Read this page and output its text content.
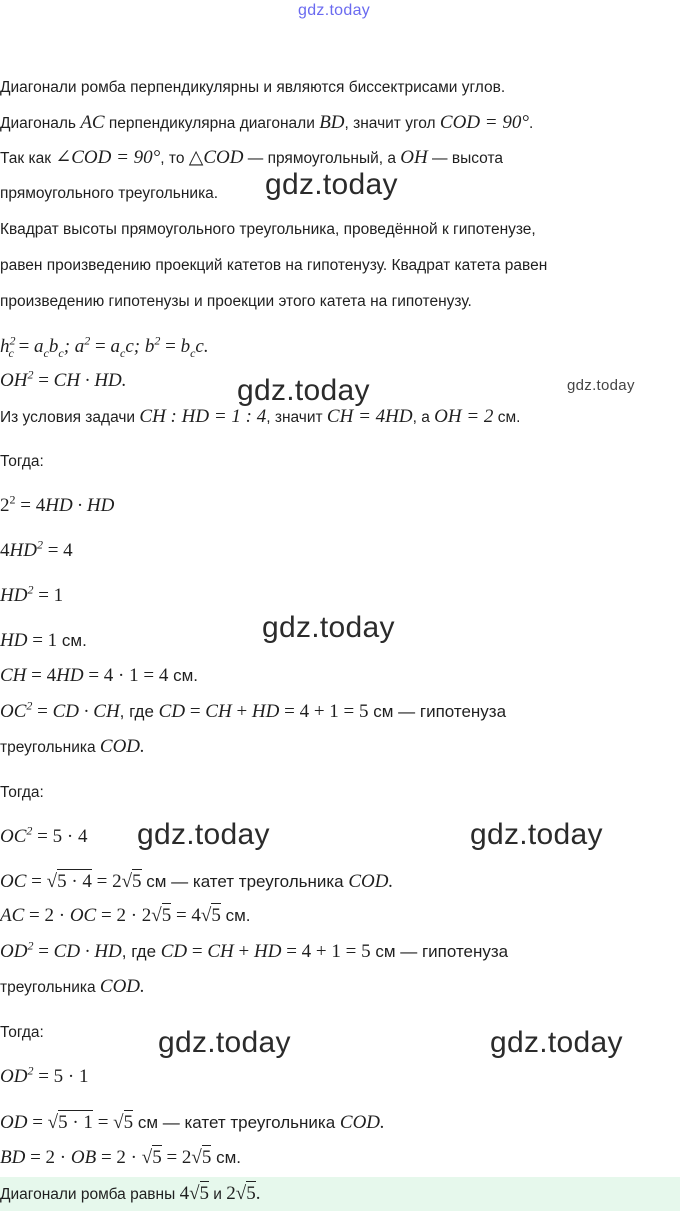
gdz.today
Диагонали ромба перпендикулярны и являются биссектрисами углов.
Диагональ AC перпендикулярна диагонали BD, значит угол COD = 90°.
Так как ∠COD = 90°, то △COD — прямоугольный, а OH — высота
прямоугольного треугольника.	gdz.today
Квадрат высоты прямоугольного треугольника, проведённой к гипотенузе,
равен произведению проекций катетов на гипотенузу. Квадрат катета равен
произведению гипотенузы и проекции этого катета на гипотенузу.
$h^2_c = a_cb_c$; $a^2 = a_cc$; $b^2 = b_cc$.
$OH^2$ = CH · HD.	gdz.today	gdz.today
Из условия задачи CH : HD = 1 : 4, значит CH = 4HD, а OH = 2 см.
Тогда:
$2^2 = 4HD$ · HD
$4HD^2 = 4$
$HD^2 = 1$
HD = 1 см.	gdz.today
CH = 4HD = 4 · 1 = 4 см.
$OC^2$ = CD · CH, где CD = CH + HD = 4 + 1 = 5 см — гипотенуза
треугольника COD.
Тогда:
$OC^2 = 5 \cdot 4$	gdz.today	gdz.today
OC = √5 · 4 = 2√5 см — катет треугольника COD.
AC = 2 · OC = 2 · 2√5 = 4√5 см.
$OD^2$ = CD · HD, где CD = CH + HD = 4 + 1 = 5 см — гипотенуза
треугольника COD.
Тогда:	gdz.today	gdz.today
$OD^2 = 5 \cdot 1$
OD = √5 · 1 = √5 см — катет треугольника COD.
BD = 2 · OB = 2 · √5 = 2√5 см.
Диагонали ромба равны 4√5 и 2√5.
